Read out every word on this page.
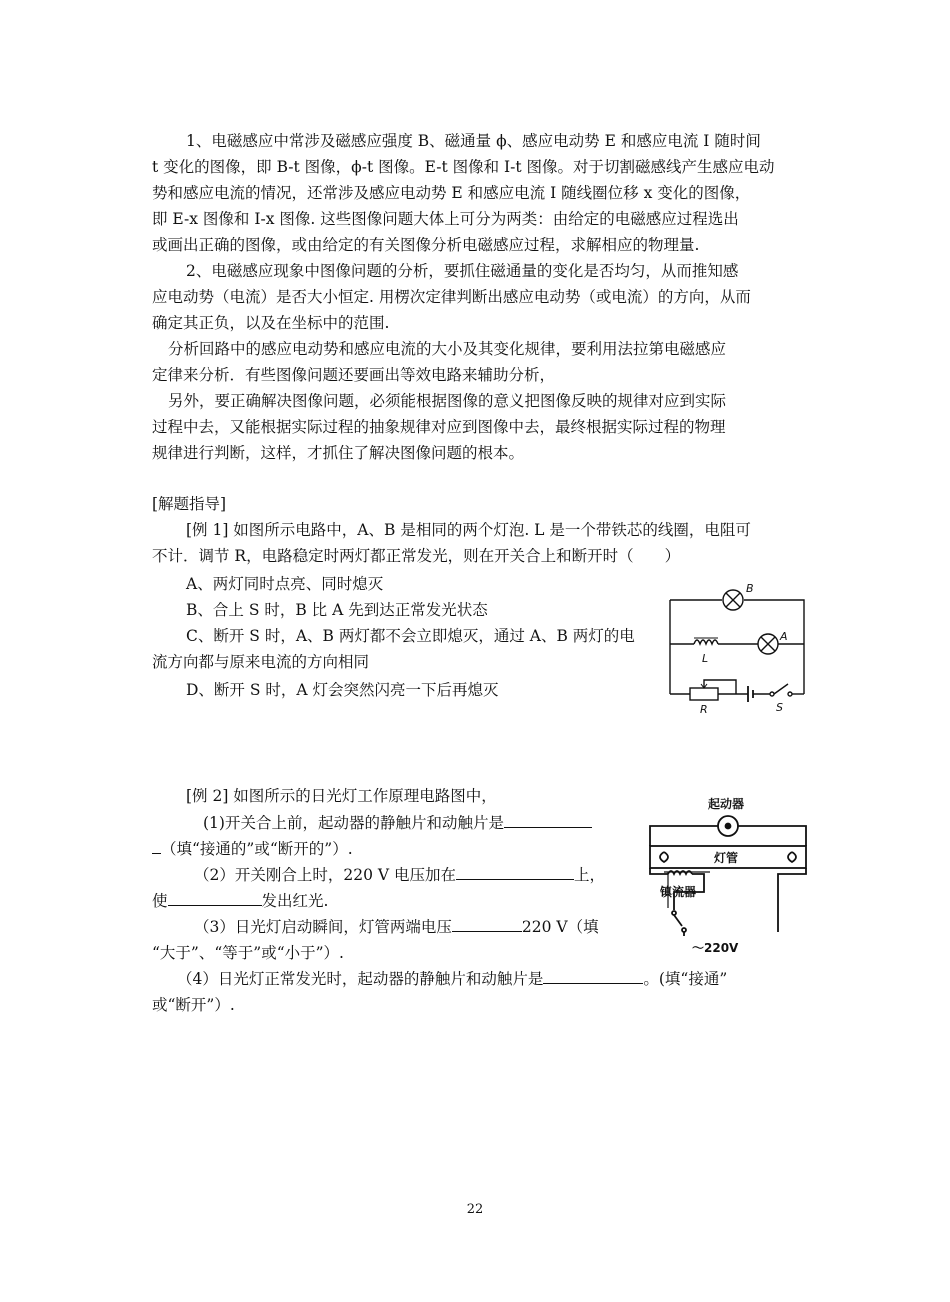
1、电磁感应中常涉及磁感应强度 B、磁通量 ϕ、感应电动势 E 和感应电流 I 随时间
t 变化的图像，即 B-t 图像，ϕ-t 图像。E-t 图像和 I-t 图像。对于切割磁感线产生感应电动
势和感应电流的情况，还常涉及感应电动势 E 和感应电流 I 随线圈位移 x 变化的图像，
即 E-x 图像和 I-x 图像. 这些图像问题大体上可分为两类：由给定的电磁感应过程选出
或画出正确的图像，或由给定的有关图像分析电磁感应过程，求解相应的物理量.
2、电磁感应现象中图像问题的分析，要抓住磁通量的变化是否均匀，从而推知感
应电动势（电流）是否大小恒定. 用楞次定律判断出感应电动势（或电流）的方向，从而
确定其正负，以及在坐标中的范围.
分析回路中的感应电动势和感应电流的大小及其变化规律，要利用法拉第电磁感应
定律来分析．有些图像问题还要画出等效电路来辅助分析，
另外，要正确解决图像问题，必须能根据图像的意义把图像反映的规律对应到实际
过程中去，又能根据实际过程的抽象规律对应到图像中去，最终根据实际过程的物理
规律进行判断，这样，才抓住了解决图像问题的根本。
[解题指导]
[例 1] 如图所示电路中，A、B 是相同的两个灯泡. L 是一个带铁芯的线圈，电阻可
不计．调节 R，电路稳定时两灯都正常发光，则在开关合上和断开时（　　）
A、两灯同时点亮、同时熄灭
B、合上 S 时，B 比 A 先到达正常发光状态
C、断开 S 时，A、B 两灯都不会立即熄灭，通过 A、B 两灯的电
流方向都与原来电流的方向相同
D、断开 S 时，A 灯会突然闪亮一下后再熄灭
B
A
L
R	S
[例 2] 如图所示的日光灯工作原理电路图中，
(1)开关合上前，起动器的静触片和动触片是
（填“接通的”或“断开的”）.
（2）开关刚合上时，220 V 电压加在	上，
使	发出红光.
（3）日光灯启动瞬间，灯管两端电压	220 V（填
“大于”、“等于”或“小于”）.
（4）日光灯正常发光时，起动器的静触片和动触片是	。(填“接通”
或“断开”）.
起动器
灯管
镇流器
～220V
22
